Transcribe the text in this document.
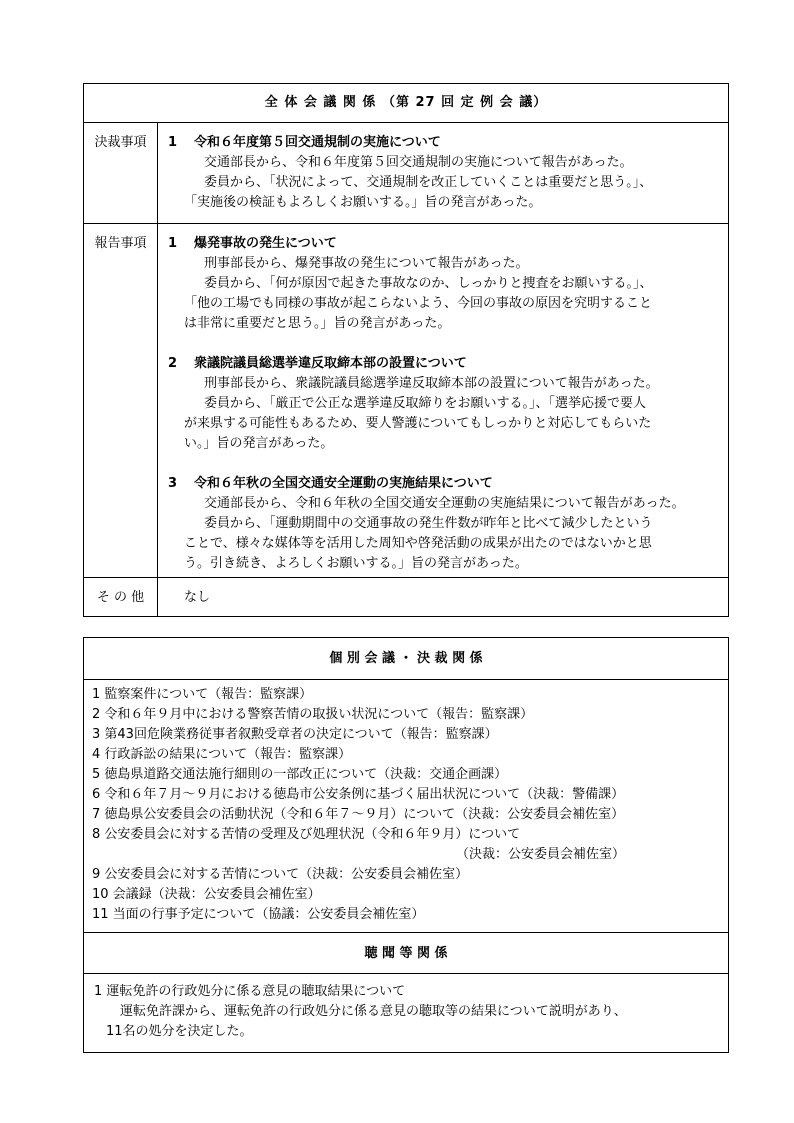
全 体 会 議 関 係 （第 27 回 定 例 会 議）
決裁事項	1 令和６年度第５回交通規制の実施について
交通部長から、令和６年度第５回交通規制の実施について報告があった。
委員から、「状況によって、交通規制を改正していくことは重要だと思う。」、
「実施後の検証もよろしくお願いする。」旨の発言があった。
報告事項	1 爆発事故の発生について
刑事部長から、爆発事故の発生について報告があった。
委員から、「何が原因で起きた事故なのか、しっかりと捜査をお願いする。」、
「他の工場でも同様の事故が起こらないよう、今回の事故の原因を究明すること
は非常に重要だと思う。」旨の発言があった。
2 衆議院議員総選挙違反取締本部の設置について
刑事部長から、衆議院議員総選挙違反取締本部の設置について報告があった。
委員から、「厳正で公正な選挙違反取締りをお願いする。」、「選挙応援で要人
が来県する可能性もあるため、要人警護についてもしっかりと対応してもらいた
い。」旨の発言があった。
3 令和６年秋の全国交通安全運動の実施結果について
交通部長から、令和６年秋の全国交通安全運動の実施結果について報告があった。
委員から、「運動期間中の交通事故の発生件数が昨年と比べて減少したという
ことで、様々な媒体等を活用した周知や啓発活動の成果が出たのではないかと思
う。引き続き、よろしくお願いする。」旨の発言があった。
そ の 他	なし
個 別 会 議 ・ 決 裁 関 係
1 監察案件について（報告：監察課）
2 令和６年９月中における警察苦情の取扱い状況について（報告：監察課）
3 第43回危険業務従事者叙勲受章者の決定について（報告：監察課）
4 行政訴訟の結果について（報告：監察課）
5 徳島県道路交通法施行細則の一部改正について（決裁：交通企画課）
6 令和６年７月～９月における徳島市公安条例に基づく届出状況について（決裁：警備課）
7 徳島県公安委員会の活動状況（令和６年７～９月）について（決裁：公安委員会補佐室）
8 公安委員会に対する苦情の受理及び処理状況（令和６年９月）について
（決裁：公安委員会補佐室）
9 公安委員会に対する苦情について（決裁：公安委員会補佐室）
10 会議録（決裁：公安委員会補佐室）
11 当面の行事予定について（協議：公安委員会補佐室）
聴 聞 等 関 係
1 運転免許の行政処分に係る意見の聴取結果について
運転免許課から、運転免許の行政処分に係る意見の聴取等の結果について説明があり、
11名の処分を決定した。
